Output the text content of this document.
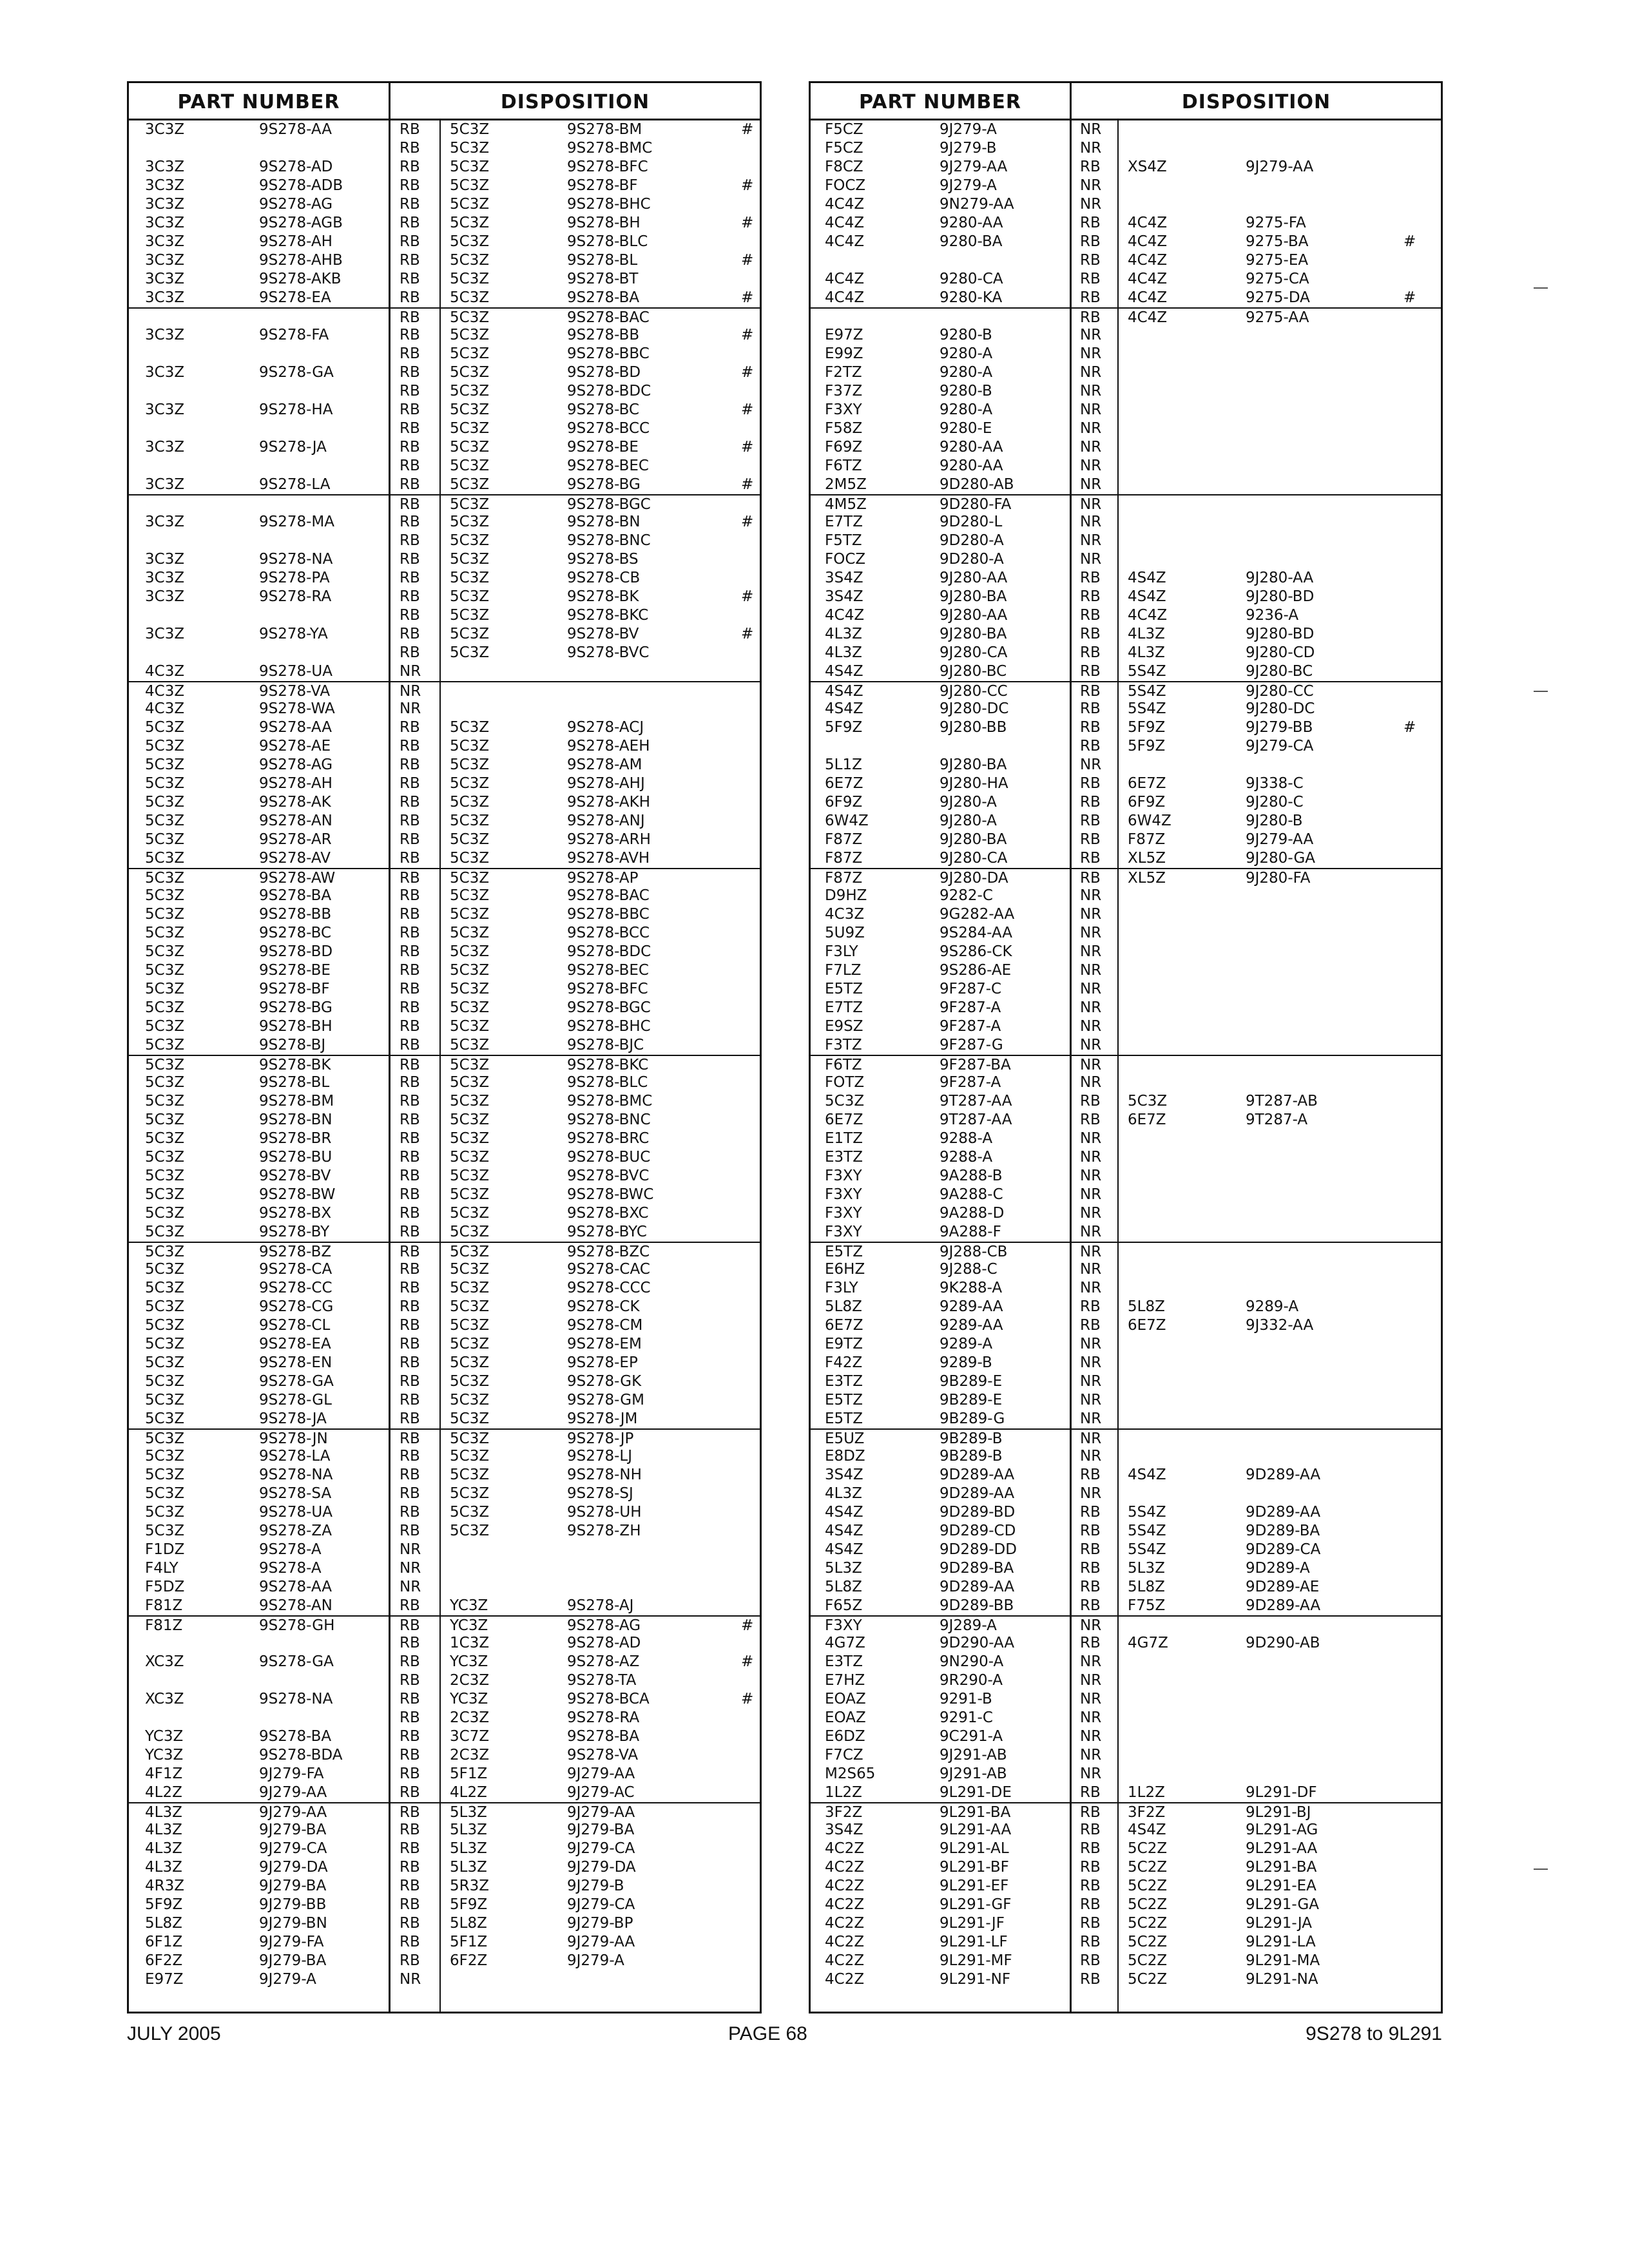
PART NUMBER	DISPOSITION
3C3Z	9S278-AA	RB 5C3Z	9S278-BM	#
RB 5C3Z	9S278-BMC
3C3Z	9S278-AD	RB 5C3Z	9S278-BFC
3C3Z	9S278-ADB	RB 5C3Z	9S278-BF	#
3C3Z	9S278-AG	RB 5C3Z	9S278-BHC
3C3Z	9S278-AGB	RB 5C3Z	9S278-BH	#
3C3Z	9S278-AH	RB 5C3Z	9S278-BLC
3C3Z	9S278-AHB	RB 5C3Z	9S278-BL	#
3C3Z	9S278-AKB	RB 5C3Z	9S278-BT
3C3Z	9S278-EA	RB 5C3Z	9S278-BA	#
RB 5C3Z	9S278-BAC
3C3Z	9S278-FA	RB 5C3Z	9S278-BB	#
RB 5C3Z	9S278-BBC
3C3Z	9S278-GA	RB 5C3Z	9S278-BD	#
RB 5C3Z	9S278-BDC
3C3Z	9S278-HA	RB 5C3Z	9S278-BC	#
RB 5C3Z	9S278-BCC
3C3Z	9S278-JA	RB 5C3Z	9S278-BE	#
RB 5C3Z	9S278-BEC
3C3Z	9S278-LA	RB 5C3Z	9S278-BG	#
RB 5C3Z	9S278-BGC
3C3Z	9S278-MA	RB 5C3Z	9S278-BN	#
RB 5C3Z	9S278-BNC
3C3Z	9S278-NA	RB 5C3Z	9S278-BS
3C3Z	9S278-PA	RB 5C3Z	9S278-CB
3C3Z	9S278-RA	RB 5C3Z	9S278-BK	#
RB 5C3Z	9S278-BKC
3C3Z	9S278-YA	RB 5C3Z	9S278-BV	#
RB 5C3Z	9S278-BVC
4C3Z	9S278-UA	NR
4C3Z	9S278-VA	NR
4C3Z	9S278-WA	NR
5C3Z	9S278-AA	RB 5C3Z	9S278-ACJ
5C3Z	9S278-AE	RB 5C3Z	9S278-AEH
5C3Z	9S278-AG	RB 5C3Z	9S278-AM
5C3Z	9S278-AH	RB 5C3Z	9S278-AHJ
5C3Z	9S278-AK	RB 5C3Z	9S278-AKH
5C3Z	9S278-AN	RB 5C3Z	9S278-ANJ
5C3Z	9S278-AR	RB 5C3Z	9S278-ARH
5C3Z	9S278-AV	RB 5C3Z	9S278-AVH
5C3Z	9S278-AW	RB 5C3Z	9S278-AP
5C3Z	9S278-BA	RB 5C3Z	9S278-BAC
5C3Z	9S278-BB	RB 5C3Z	9S278-BBC
5C3Z	9S278-BC	RB 5C3Z	9S278-BCC
5C3Z	9S278-BD	RB 5C3Z	9S278-BDC
5C3Z	9S278-BE	RB 5C3Z	9S278-BEC
5C3Z	9S278-BF	RB 5C3Z	9S278-BFC
5C3Z	9S278-BG	RB 5C3Z	9S278-BGC
5C3Z	9S278-BH	RB 5C3Z	9S278-BHC
5C3Z	9S278-BJ	RB 5C3Z	9S278-BJC
5C3Z	9S278-BK	RB 5C3Z	9S278-BKC
5C3Z	9S278-BL	RB 5C3Z	9S278-BLC
5C3Z	9S278-BM	RB 5C3Z	9S278-BMC
5C3Z	9S278-BN	RB 5C3Z	9S278-BNC
5C3Z	9S278-BR	RB 5C3Z	9S278-BRC
5C3Z	9S278-BU	RB 5C3Z	9S278-BUC
5C3Z	9S278-BV	RB 5C3Z	9S278-BVC
5C3Z	9S278-BW	RB 5C3Z	9S278-BWC
5C3Z	9S278-BX	RB 5C3Z	9S278-BXC
5C3Z	9S278-BY	RB 5C3Z	9S278-BYC
5C3Z	9S278-BZ	RB 5C3Z	9S278-BZC
5C3Z	9S278-CA	RB 5C3Z	9S278-CAC
5C3Z	9S278-CC	RB 5C3Z	9S278-CCC
5C3Z	9S278-CG	RB 5C3Z	9S278-CK
5C3Z	9S278-CL	RB 5C3Z	9S278-CM
5C3Z	9S278-EA	RB 5C3Z	9S278-EM
5C3Z	9S278-EN	RB 5C3Z	9S278-EP
5C3Z	9S278-GA	RB 5C3Z	9S278-GK
5C3Z	9S278-GL	RB 5C3Z	9S278-GM
5C3Z	9S278-JA	RB 5C3Z	9S278-JM
5C3Z	9S278-JN	RB 5C3Z	9S278-JP
5C3Z	9S278-LA	RB 5C3Z	9S278-LJ
5C3Z	9S278-NA	RB 5C3Z	9S278-NH
5C3Z	9S278-SA	RB 5C3Z	9S278-SJ
5C3Z	9S278-UA	RB 5C3Z	9S278-UH
5C3Z	9S278-ZA	RB 5C3Z	9S278-ZH
F1DZ	9S278-A	NR
F4LY	9S278-A	NR
F5DZ	9S278-AA	NR
F81Z	9S278-AN	RB YC3Z	9S278-AJ
F81Z	9S278-GH	RB YC3Z	9S278-AG	#
RB 1C3Z	9S278-AD
XC3Z	9S278-GA	RB YC3Z	9S278-AZ	#
RB 2C3Z	9S278-TA
XC3Z	9S278-NA	RB YC3Z	9S278-BCA	#
RB 2C3Z	9S278-RA
YC3Z	9S278-BA	RB 3C7Z	9S278-BA
YC3Z	9S278-BDA	RB 2C3Z	9S278-VA
4F1Z	9J279-FA	RB 5F1Z	9J279-AA
4L2Z	9J279-AA	RB 4L2Z	9J279-AC
4L3Z	9J279-AA	RB 5L3Z	9J279-AA
4L3Z	9J279-BA	RB 5L3Z	9J279-BA
4L3Z	9J279-CA	RB 5L3Z	9J279-CA
4L3Z	9J279-DA	RB 5L3Z	9J279-DA
4R3Z	9J279-BA	RB 5R3Z	9J279-B
5F9Z	9J279-BB	RB 5F9Z	9J279-CA
5L8Z	9J279-BN	RB 5L8Z	9J279-BP
6F1Z	9J279-FA	RB 5F1Z	9J279-AA
6F2Z	9J279-BA	RB 6F2Z	9J279-A
E97Z	9J279-A	NR
PART NUMBER	DISPOSITION
F5CZ	9J279-A	NR
F5CZ	9J279-B	NR
F8CZ	9J279-AA	RB XS4Z	9J279-AA
FOCZ	9J279-A	NR
4C4Z	9N279-AA	NR
4C4Z	9280-AA	RB 4C4Z	9275-FA
4C4Z	9280-BA	RB 4C4Z	9275-BA	#
RB 4C4Z	9275-EA
4C4Z	9280-CA	RB 4C4Z	9275-CA
4C4Z	9280-KA	RB 4C4Z	9275-DA	#
RB 4C4Z	9275-AA
E97Z	9280-B	NR
E99Z	9280-A	NR
F2TZ	9280-A	NR
F37Z	9280-B	NR
F3XY	9280-A	NR
F58Z	9280-E	NR
F69Z	9280-AA	NR
F6TZ	9280-AA	NR
2M5Z	9D280-AB	NR
4M5Z	9D280-FA	NR
E7TZ	9D280-L	NR
F5TZ	9D280-A	NR
FOCZ	9D280-A	NR
3S4Z	9J280-AA	RB 4S4Z	9J280-AA
3S4Z	9J280-BA	RB 4S4Z	9J280-BD
4C4Z	9J280-AA	RB 4C4Z	9236-A
4L3Z	9J280-BA	RB 4L3Z	9J280-BD
4L3Z	9J280-CA	RB 4L3Z	9J280-CD
4S4Z	9J280-BC	RB 5S4Z	9J280-BC
4S4Z	9J280-CC	RB 5S4Z	9J280-CC
4S4Z	9J280-DC	RB 5S4Z	9J280-DC
5F9Z	9J280-BB	RB 5F9Z	9J279-BB	#
RB 5F9Z	9J279-CA
5L1Z	9J280-BA	NR
6E7Z	9J280-HA	RB 6E7Z	9J338-C
6F9Z	9J280-A	RB 6F9Z	9J280-C
6W4Z	9J280-A	RB 6W4Z	9J280-B
F87Z	9J280-BA	RB F87Z	9J279-AA
F87Z	9J280-CA	RB XL5Z	9J280-GA
F87Z	9J280-DA	RB XL5Z	9J280-FA
D9HZ	9282-C	NR
4C3Z	9G282-AA	NR
5U9Z	9S284-AA	NR
F3LY	9S286-CK	NR
F7LZ	9S286-AE	NR
E5TZ	9F287-C	NR
E7TZ	9F287-A	NR
E9SZ	9F287-A	NR
F3TZ	9F287-G	NR
F6TZ	9F287-BA	NR
FOTZ	9F287-A	NR
5C3Z	9T287-AA	RB 5C3Z	9T287-AB
6E7Z	9T287-AA	RB 6E7Z	9T287-A
E1TZ	9288-A	NR
E3TZ	9288-A	NR
F3XY	9A288-B	NR
F3XY	9A288-C	NR
F3XY	9A288-D	NR
F3XY	9A288-F	NR
E5TZ	9J288-CB	NR
E6HZ	9J288-C	NR
F3LY	9K288-A	NR
5L8Z	9289-AA	RB 5L8Z	9289-A
6E7Z	9289-AA	RB 6E7Z	9J332-AA
E9TZ	9289-A	NR
F42Z	9289-B	NR
E3TZ	9B289-E	NR
E5TZ	9B289-E	NR
E5TZ	9B289-G	NR
E5UZ	9B289-B	NR
E8DZ	9B289-B	NR
3S4Z	9D289-AA	RB 4S4Z	9D289-AA
4L3Z	9D289-AA	NR
4S4Z	9D289-BD	RB 5S4Z	9D289-AA
4S4Z	9D289-CD	RB 5S4Z	9D289-BA
4S4Z	9D289-DD	RB 5S4Z	9D289-CA
5L3Z	9D289-BA	RB 5L3Z	9D289-A
5L8Z	9D289-AA	RB 5L8Z	9D289-AE
F65Z	9D289-BB	RB F75Z	9D289-AA
F3XY	9J289-A	NR
4G7Z	9D290-AA	RB 4G7Z	9D290-AB
E3TZ	9N290-A	NR
E7HZ	9R290-A	NR
EOAZ	9291-B	NR
EOAZ	9291-C	NR
E6DZ	9C291-A	NR
F7CZ	9J291-AB	NR
M2S65	9J291-AB	NR
1L2Z	9L291-DE	RB 1L2Z	9L291-DF
3F2Z	9L291-BA	RB 3F2Z	9L291-BJ
3S4Z	9L291-AA	RB 4S4Z	9L291-AG
4C2Z	9L291-AL	RB 5C2Z	9L291-AA
4C2Z	9L291-BF	RB 5C2Z	9L291-BA
4C2Z	9L291-EF	RB 5C2Z	9L291-EA
4C2Z	9L291-GF	RB 5C2Z	9L291-GA
4C2Z	9L291-JF	RB 5C2Z	9L291-JA
4C2Z	9L291-LF	RB 5C2Z	9L291-LA
4C2Z	9L291-MF	RB 5C2Z	9L291-MA
4C2Z	9L291-NF	RB 5C2Z	9L291-NA
JULY 2005	PAGE 68	9S278 to 9L291
